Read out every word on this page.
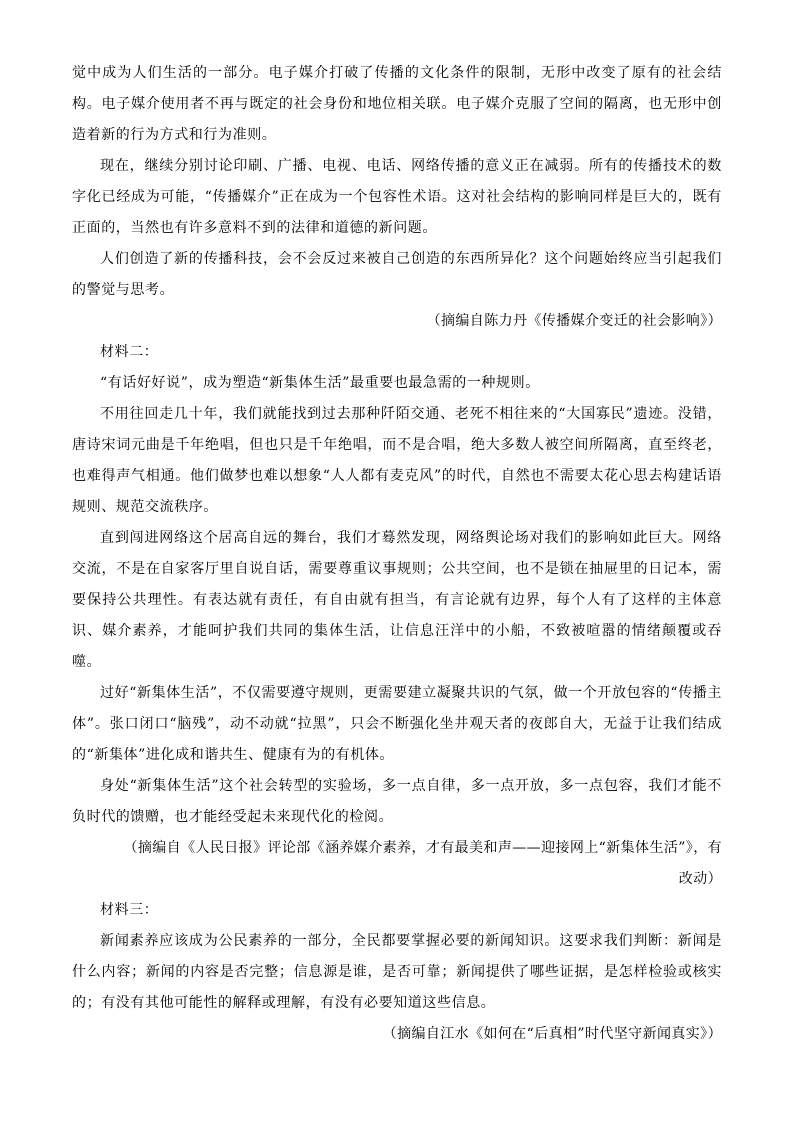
觉中成为人们生活的一部分。电子媒介打破了传播的文化条件的限制，无形中改变了原有的社会结构。电子媒介使用者不再与既定的社会身份和地位相关联。电子媒介克服了空间的隔离，也无形中创造着新的行为方式和行为准则。

现在，继续分别讨论印刷、广播、电视、电话、网络传播的意义正在减弱。所有的传播技术的数字化已经成为可能，“传播媒介”正在成为一个包容性术语。这对社会结构的影响同样是巨大的，既有正面的，当然也有许多意料不到的法律和道德的新问题。

人们创造了新的传播科技，会不会反过来被自己创造的东西所异化？这个问题始终应当引起我们的警觉与思考。

（摘编自陈力丹《传播媒介变迁的社会影响》）

材料二：

“有话好好说”，成为塑造“新集体生活”最重要也最急需的一种规则。

不用往回走几十年，我们就能找到过去那种阡陌交通、老死不相往来的“大国寡民”遗迹。没错，唐诗宋词元曲是千年绝唱，但也只是千年绝唱，而不是合唱，绝大多数人被空间所隔离，直至终老，也难得声气相通。他们做梦也难以想象“人人都有麦克风”的时代，自然也不需要太花心思去构建话语规则、规范交流秩序。

直到闯进网络这个居高自远的舞台，我们才蓦然发现，网络舆论场对我们的影响如此巨大。网络交流，不是在自家客厅里自说自话，需要尊重议事规则；公共空间，也不是锁在抽屉里的日记本，需要保持公共理性。有表达就有责任，有自由就有担当，有言论就有边界，每个人有了这样的主体意识、媒介素养，才能呵护我们共同的集体生活，让信息汪洋中的小船，不致被喧嚣的情绪颠覆或吞噬。

过好“新集体生活”，不仅需要遵守规则，更需要建立凝聚共识的气氛，做一个开放包容的“传播主体”。张口闭口“脑残”，动不动就“拉黑”，只会不断强化坐井观天者的夜郎自大，无益于让我们结成的“新集体”进化成和谐共生、健康有为的有机体。

身处“新集体生活”这个社会转型的实验场，多一点自律，多一点开放，多一点包容，我们才能不负时代的馈赠，也才能经受起未来现代化的检阅。

（摘编自《人民日报》评论部《涵养媒介素养，才有最美和声——迎接网上“新集体生活”》，有改动）

材料三：

新闻素养应该成为公民素养的一部分，全民都要掌握必要的新闻知识。这要求我们判断：新闻是什么内容；新闻的内容是否完整；信息源是谁，是否可靠；新闻提供了哪些证据，是怎样检验或核实的；有没有其他可能性的解释或理解，有没有必要知道这些信息。

（摘编自江水《如何在“后真相”时代坚守新闻真实》）
